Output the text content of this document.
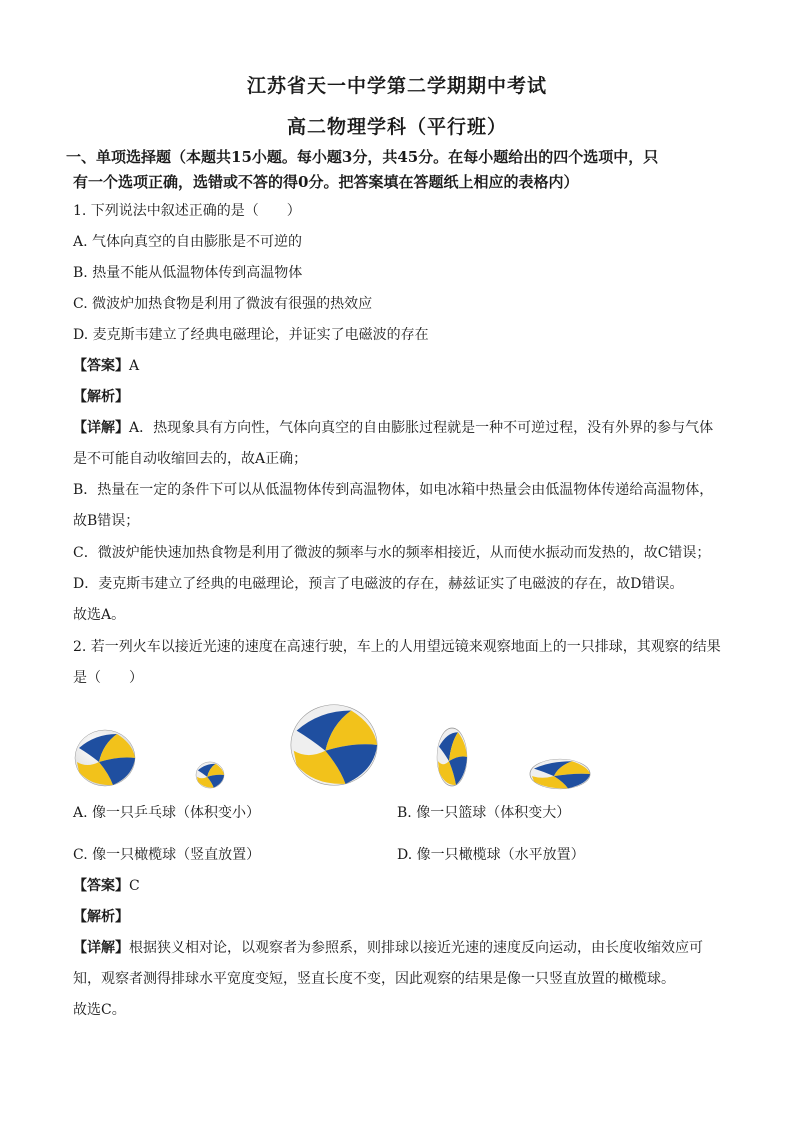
江苏省天一中学第二学期期中考试
高二物理学科（平行班）
一、单项选择题（本题共15小题。每小题3分，共45分。在每小题给出的四个选项中，只
有一个选项正确，选错或不答的得0分。把答案填在答题纸上相应的表格内）
1. 下列说法中叙述正确的是（　　）
A. 气体向真空的自由膨胀是不可逆的
B. 热量不能从低温物体传到高温物体
C. 微波炉加热食物是利用了微波有很强的热效应
D. 麦克斯韦建立了经典电磁理论，并证实了电磁波的存在
【答案】A
【解析】
【详解】A．热现象具有方向性，气体向真空的自由膨胀过程就是一种不可逆过程，没有外界的参与气体
是不可能自动收缩回去的，故A正确；
B．热量在一定的条件下可以从低温物体传到高温物体，如电冰箱中热量会由低温物体传递给高温物体，
故B错误；
C．微波炉能快速加热食物是利用了微波的频率与水的频率相接近，从而使水振动而发热的，故C错误；
D．麦克斯韦建立了经典的电磁理论，预言了电磁波的存在，赫兹证实了电磁波的存在，故D错误。
故选A。
2. 若一列火车以接近光速的速度在高速行驶，车上的人用望远镜来观察地面上的一只排球，其观察的结果
是（　　）
A. 像一只乒乓球（体积变小）	B. 像一只篮球（体积变大）
C. 像一只橄榄球（竖直放置）	D. 像一只橄榄球（水平放置）
【答案】C
【解析】
【详解】根据狭义相对论，以观察者为参照系，则排球以接近光速的速度反向运动，由长度收缩效应可
知，观察者测得排球水平宽度变短，竖直长度不变，因此观察的结果是像一只竖直放置的橄榄球。
故选C。
